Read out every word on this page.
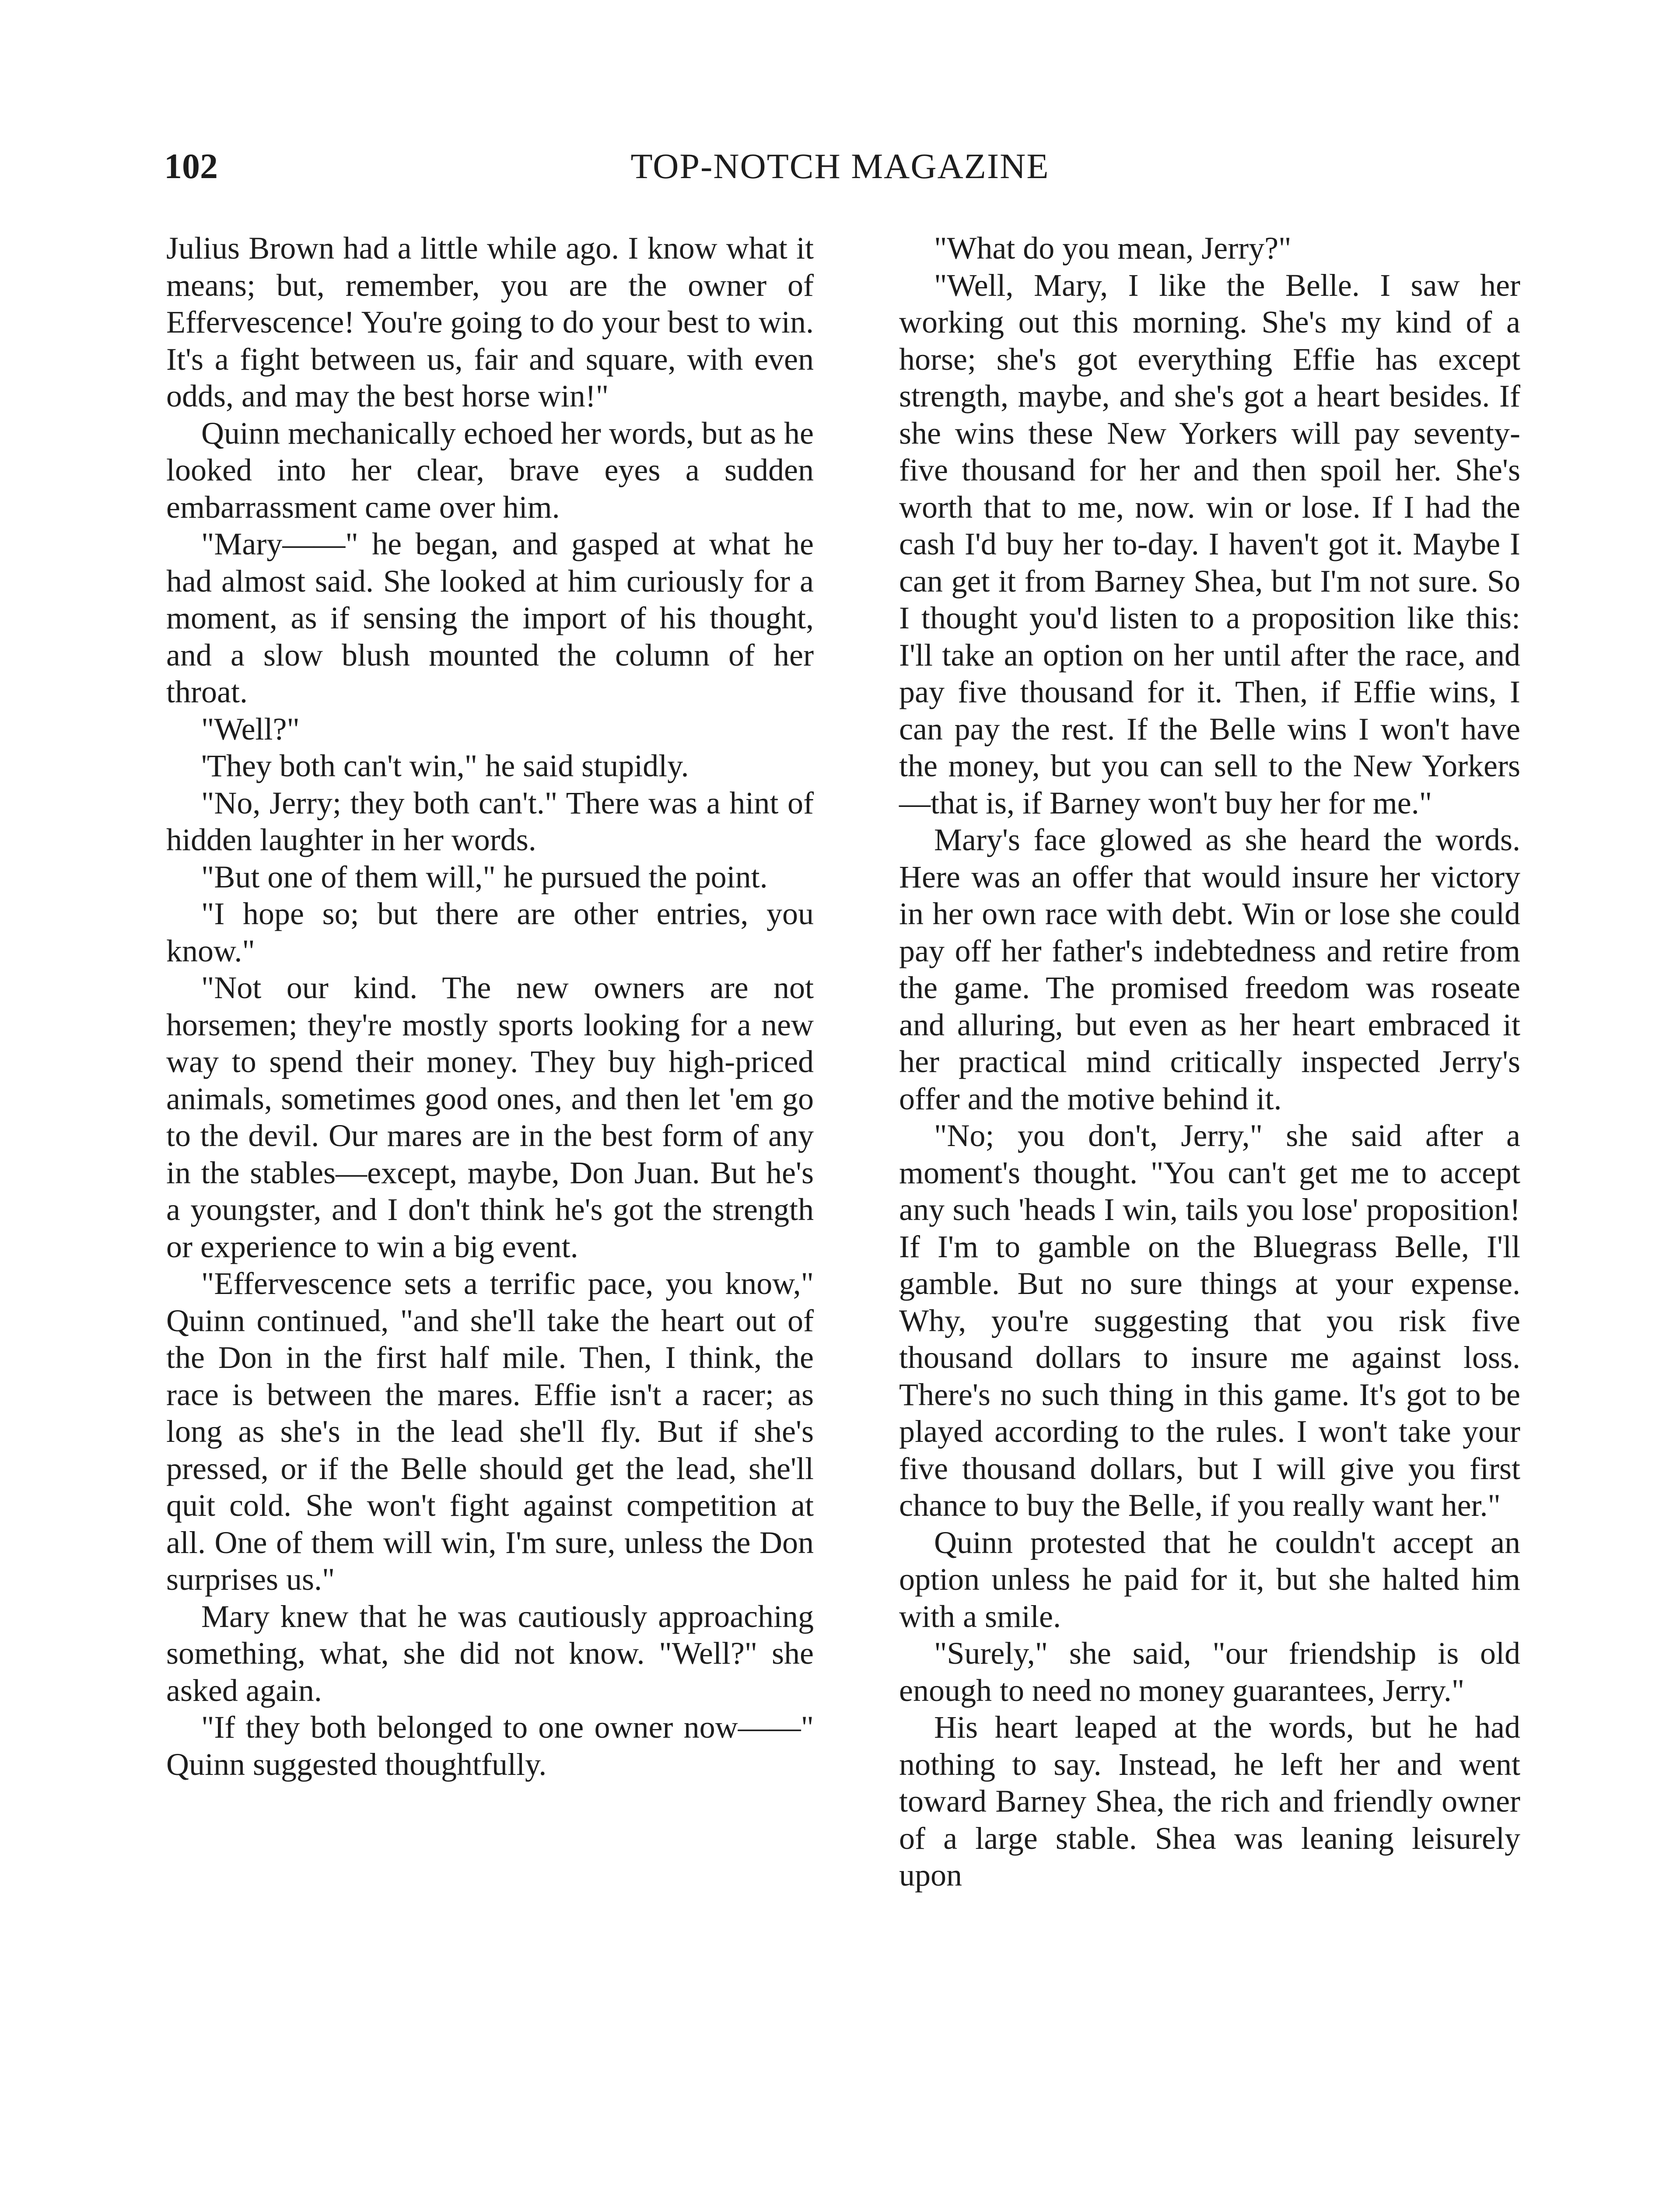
102	TOP-NOTCH MAGAZINE

Julius Brown had a little while ago. I know what it means; but, remember, you are the owner of Effervescence! You're going to do your best to win. It's a fight between us, fair and square, with even odds, and may the best horse win!"

Quinn mechanically echoed her words, but as he looked into her clear, brave eyes a sudden embarrassment came over him.

"Mary——" he began, and gasped at what he had almost said. She looked at him curiously for a moment, as if sensing the import of his thought, and a slow blush mounted the column of her throat.

"Well?"

'They both can't win," he said stupidly.

"No, Jerry; they both can't." There was a hint of hidden laughter in her words.

"But one of them will," he pursued the point.

"I hope so; but there are other entries, you know."

"Not our kind. The new owners are not horsemen; they're mostly sports looking for a new way to spend their money. They buy high-priced animals, sometimes good ones, and then let 'em go to the devil. Our mares are in the best form of any in the stables—except, maybe, Don Juan. But he's a youngster, and I don't think he's got the strength or experience to win a big event.

"Effervescence sets a terrific pace, you know," Quinn continued, "and she'll take the heart out of the Don in the first half mile. Then, I think, the race is between the mares. Effie isn't a racer; as long as she's in the lead she'll fly. But if she's pressed, or if the Belle should get the lead, she'll quit cold. She won't fight against competition at all. One of them will win, I'm sure, unless the Don surprises us."

Mary knew that he was cautiously approaching something, what, she did not know. "Well?" she asked again.

"If they both belonged to one owner now——" Quinn suggested thoughtfully.

"What do you mean, Jerry?"

"Well, Mary, I like the Belle. I saw her working out this morning. She's my kind of a horse; she's got everything Effie has except strength, maybe, and she's got a heart besides. If she wins these New Yorkers will pay seventy-five thousand for her and then spoil her. She's worth that to me, now. win or lose. If I had the cash I'd buy her to-day. I haven't got it. Maybe I can get it from Barney Shea, but I'm not sure. So I thought you'd listen to a proposition like this: I'll take an option on her until after the race, and pay five thousand for it. Then, if Effie wins, I can pay the rest. If the Belle wins I won't have the money, but you can sell to the New Yorkers—that is, if Barney won't buy her for me."

Mary's face glowed as she heard the words. Here was an offer that would insure her victory in her own race with debt. Win or lose she could pay off her father's indebtedness and retire from the game. The promised freedom was roseate and alluring, but even as her heart embraced it her practical mind critically inspected Jerry's offer and the motive behind it.

"No; you don't, Jerry," she said after a moment's thought. "You can't get me to accept any such 'heads I win, tails you lose' proposition! If I'm to gamble on the Bluegrass Belle, I'll gamble. But no sure things at your expense. Why, you're suggesting that you risk five thousand dollars to insure me against loss. There's no such thing in this game. It's got to be played according to the rules. I won't take your five thousand dollars, but I will give you first chance to buy the Belle, if you really want her."

Quinn protested that he couldn't accept an option unless he paid for it, but she halted him with a smile.

"Surely," she said, "our friendship is old enough to need no money guarantees, Jerry."

His heart leaped at the words, but he had nothing to say. Instead, he left her and went toward Barney Shea, the rich and friendly owner of a large stable. Shea was leaning leisurely upon
